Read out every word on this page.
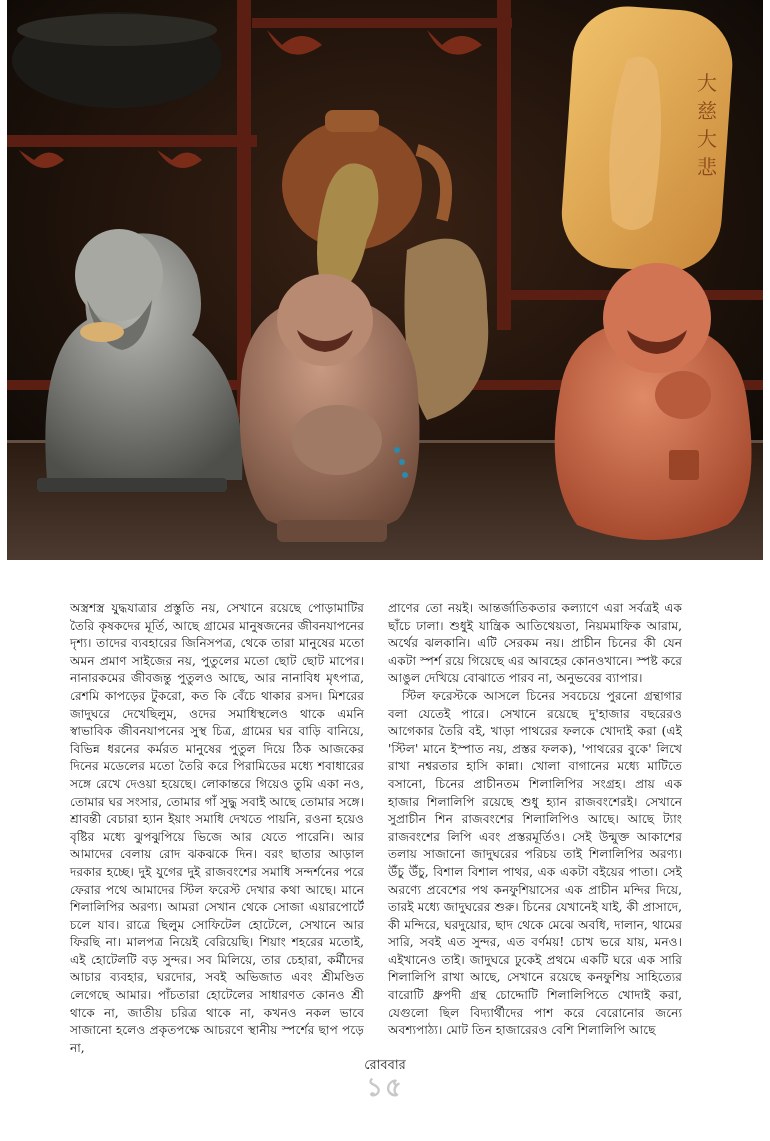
大
慈
大
悲

অস্ত্রশস্ত্র যুদ্ধযাত্রার প্রস্তুতি নয়, সেখানে রয়েছে পোড়ামাটির তৈরি কৃষকদের মূর্তি, আছে গ্রামের মানুষজনের জীবনযাপনের দৃশ্য। তাদের ব্যবহারের জিনিসপত্র, থেকে তারা মানুষের মতো অমন প্রমাণ সাইজের নয়, পুতুলের মতো ছোট ছোট মাপের। নানারকমের জীবজন্তু পুতুলও আছে, আর নানাবিধ মৃৎপাত্র, রেশমি কাপড়ের টুকরো, কত কি বেঁচে থাকার রসদ। মিশরের জাদুঘরে দেখেছিলুম, ওদের সমাধিস্থলেও থাকে এমনি স্বাভাবিক জীবনযাপনের সুস্থ চিত্র, গ্রামের ঘর বাড়ি বানিয়ে, বিভিন্ন ধরনের কর্মরত মানুষের পুতুল দিয়ে ঠিক আজকের দিনের মডেলের মতো তৈরি করে পিরামিডের মধ্যে শবাধারের সঙ্গে রেখে দেওয়া হয়েছে। লোকান্তরে গিয়েও তুমি একা নও, তোমার ঘর সংসার, তোমার গাঁ সুদ্ধু সবাই আছে তোমার সঙ্গে। শ্রাবন্তী বেচারা হ্যান ইয়াং সমাধি দেখতে পায়নি, রওনা হয়েও বৃষ্টির মধ্যে ঝুপঝুপিয়ে ভিজে আর যেতে পারেনি। আর আমাদের বেলায় রোদ ঝকঝকে দিন। বরং ছাতার আড়াল দরকার হচ্ছে। দুই যুগের দুই রাজবংশের সমাধি সন্দর্শনের পরে ফেরার পথে আমাদের স্টিল ফরেস্ট দেখার কথা আছে। মানে শিলালিপির অরণ্য। আমরা সেখান থেকে সোজা এয়ারপোর্টে চলে যাব। রাত্রে ছিলুম সোফিটেল হোটেলে, সেখানে আর ফিরছি না। মালপত্র নিয়েই বেরিয়েছি। শিয়াং শহরের মতোই, এই হোটেলটি বড় সুন্দর। সব মিলিয়ে, তার চেহারা, কর্মীদের আচার ব্যবহার, ঘরদোর, সবই অভিজাত এবং শ্রীমণ্ডিত লেগেছে আমার। পাঁচতারা হোটেলের সাধারণত কোনও শ্রী থাকে না, জাতীয় চরিত্র থাকে না, কখনও নকল ভাবে সাজানো হলেও প্রকৃতপক্ষে আচরণে স্থানীয় স্পর্শের ছাপ পড়ে না,

প্রাণের তো নয়ই। আন্তর্জাতিকতার কল্যাণে এরা সর্বত্রই এক ছাঁচে ঢালা। শুধুই যান্ত্রিক আতিথেয়তা, নিয়মমাফিক আরাম, অর্থের ঝলকানি। এটি সেরকম নয়। প্রাচীন চিনের কী যেন একটা স্পর্শ রয়ে গিয়েছে এর আবহের কোনওখানে। স্পষ্ট করে আঙুল দেখিয়ে বোঝাতে পারব না, অনুভবের ব্যাপার।

স্টিল ফরেস্টকে আসলে চিনের সবচেয়ে পুরনো গ্রন্থাগার বলা যেতেই পারে। সেখানে রয়েছে দু'হাজার বছরেরও আগেকার তৈরি বই, খাড়া পাথরের ফলকে খোদাই করা (এই 'স্টিল' মানে ইস্পাত নয়, প্রস্তর ফলক), 'পাথরের বুকে' লিখে রাখা নশ্বরতার হাসি কান্না। খোলা বাগানের মধ্যে মাটিতে বসানো, চিনের প্রাচীনতম শিলালিপির সংগ্রহ। প্রায় এক হাজার শিলালিপি রয়েছে শুধু হ্যান রাজবংশেরই। সেখানে সুপ্রাচীন শিন রাজবংশের শিলালিপিও আছে। আছে ট্যাং রাজবংশের লিপি এবং প্রস্তরমূর্তিও। সেই উন্মুক্ত আকাশের তলায় সাজানো জাদুঘরের পরিচয় তাই শিলালিপির অরণ্য। উঁচু উঁচু, বিশাল বিশাল পাথর, এক একটা বইয়ের পাতা। সেই অরণ্যে প্রবেশের পথ কনফুশিয়াসের এক প্রাচীন মন্দির দিয়ে, তারই মধ্যে জাদুঘরের শুরু। চিনের যেখানেই যাই, কী প্রাসাদে, কী মন্দিরে, ঘরদুয়োর, ছাদ থেকে মেঝে অবধি, দালান, থামের সারি, সবই এত সুন্দর, এত বর্ণময়! চোখ ভরে যায়, মনও। এইখানেও তাই। জাদুঘরে ঢুকেই প্রথমে একটি ঘরে এক সারি শিলালিপি রাখা আছে, সেখানে রয়েছে কনফুশিয় সাহিত্যের বারোটি ধ্রুপদী গ্রন্থ চোদ্দোটি শিলালিপিতে খোদাই করা, যেগুলো ছিল বিদ্যার্থীদের পাশ করে বেরোনোর জন্যে অবশ্যপাঠ্য। মোট তিন হাজারেরও বেশি শিলালিপি আছে

রোববার
১৫
